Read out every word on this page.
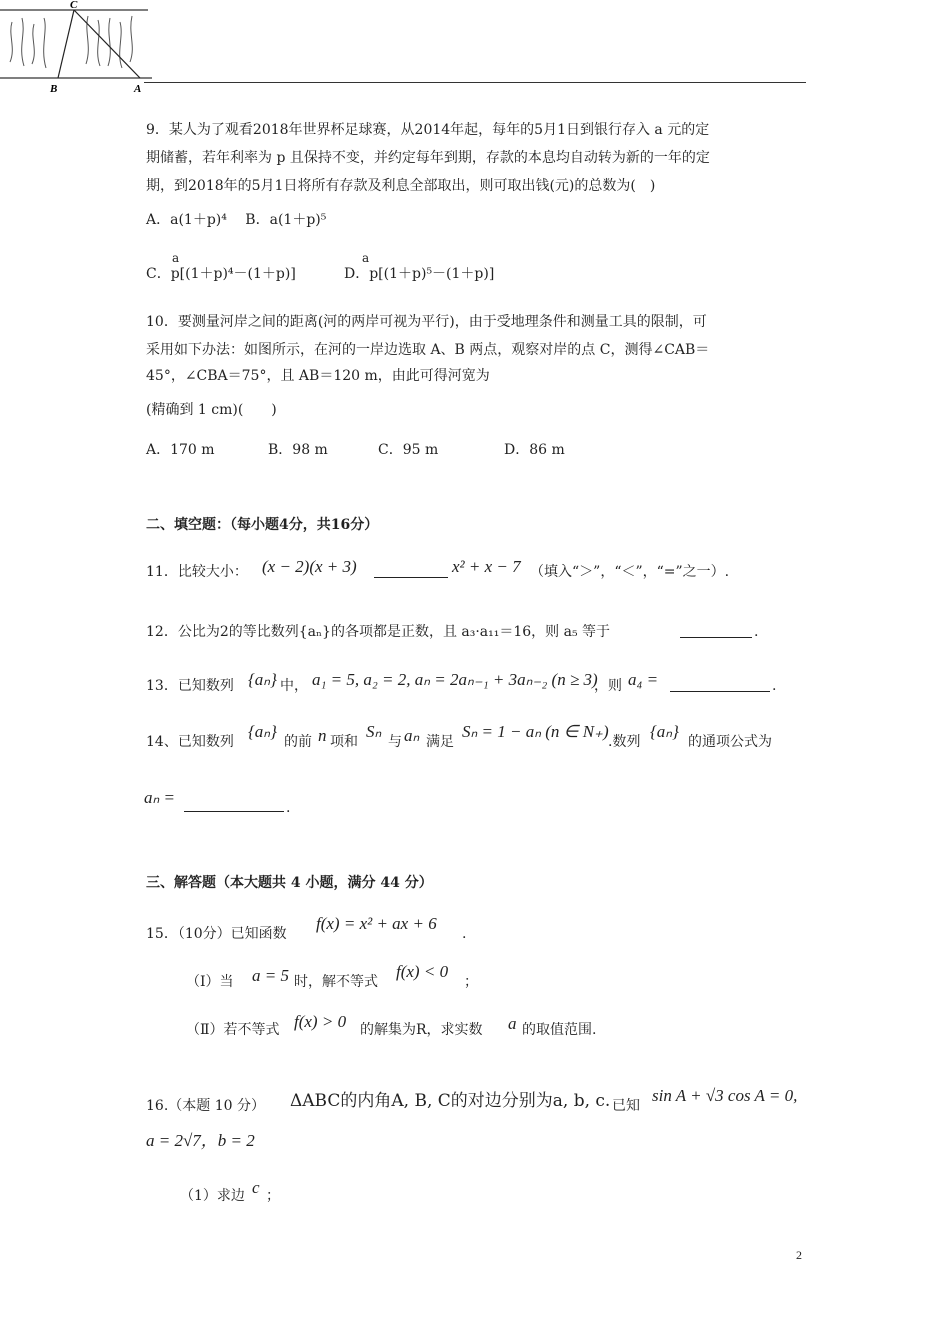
C
B	A
9．某人为了观看2018年世界杯足球赛，从2014年起，每年的5月1日到银行存入 a 元的定
期储蓄，若年利率为 p 且保持不变，并约定每年到期，存款的本息均自动转为新的一年的定
期，到2018年的5月1日将所有存款及利息全部取出，则可取出钱(元)的总数为(　)
A．a(1＋p)⁴　 B．a(1＋p)⁵
a
C．p[(1＋p)⁴－(1＋p)]
a
D．p[(1＋p)⁵－(1＋p)]
10．要测量河岸之间的距离(河的两岸可视为平行)，由于受地理条件和测量工具的限制，可
采用如下办法：如图所示，在河的一岸边选取 A、B 两点，观察对岸的点 C，测得∠CAB＝
45°，∠CBA＝75°，且 AB＝120 m，由此可得河宽为
(精确到 1 cm)(　　)
A．170 m	B．98 m	C．95 m	D．86 m
二、填空题：（每小题4分，共16分）
11．比较大小： (x − 2)(x + 3)	x² + x − 7 （填入“＞”，“＜”，“=”之一）.
12．公比为2的等比数列{aₙ}的各项都是正数，且 a₃·a₁₁＝16，则 a₅ 等于	.
13．已知数列 {aₙ} 中， a₁ = 5, a₂ = 2, aₙ = 2aₙ₋₁ + 3aₙ₋₂ (n ≥ 3)
，则 a₄ =	.
14、已知数列
{aₙ}
的前 n 项和
Sₙ
与 aₙ 满足
Sₙ = 1 − aₙ (n ∈ N₊)
.数列
{aₙ}
的通项公式为
aₙ =
.
三、解答题（本大题共 4 小题，满分 44 分）
15．（10分）已知函数
f(x) = x² + ax + 6
.
（Ⅰ）当 a = 5 时，解不等式
f(x) < 0
；
（Ⅱ）若不等式 f(x) > 0 的解集为R，求实数 a 的取值范围.
16.（本题 10 分） ΔABC的内角A, B, C的对边分别为a, b, c. 已知
sin A + √3 cos A = 0,
a = 2√7，b = 2
（1）求边 c ；
2
